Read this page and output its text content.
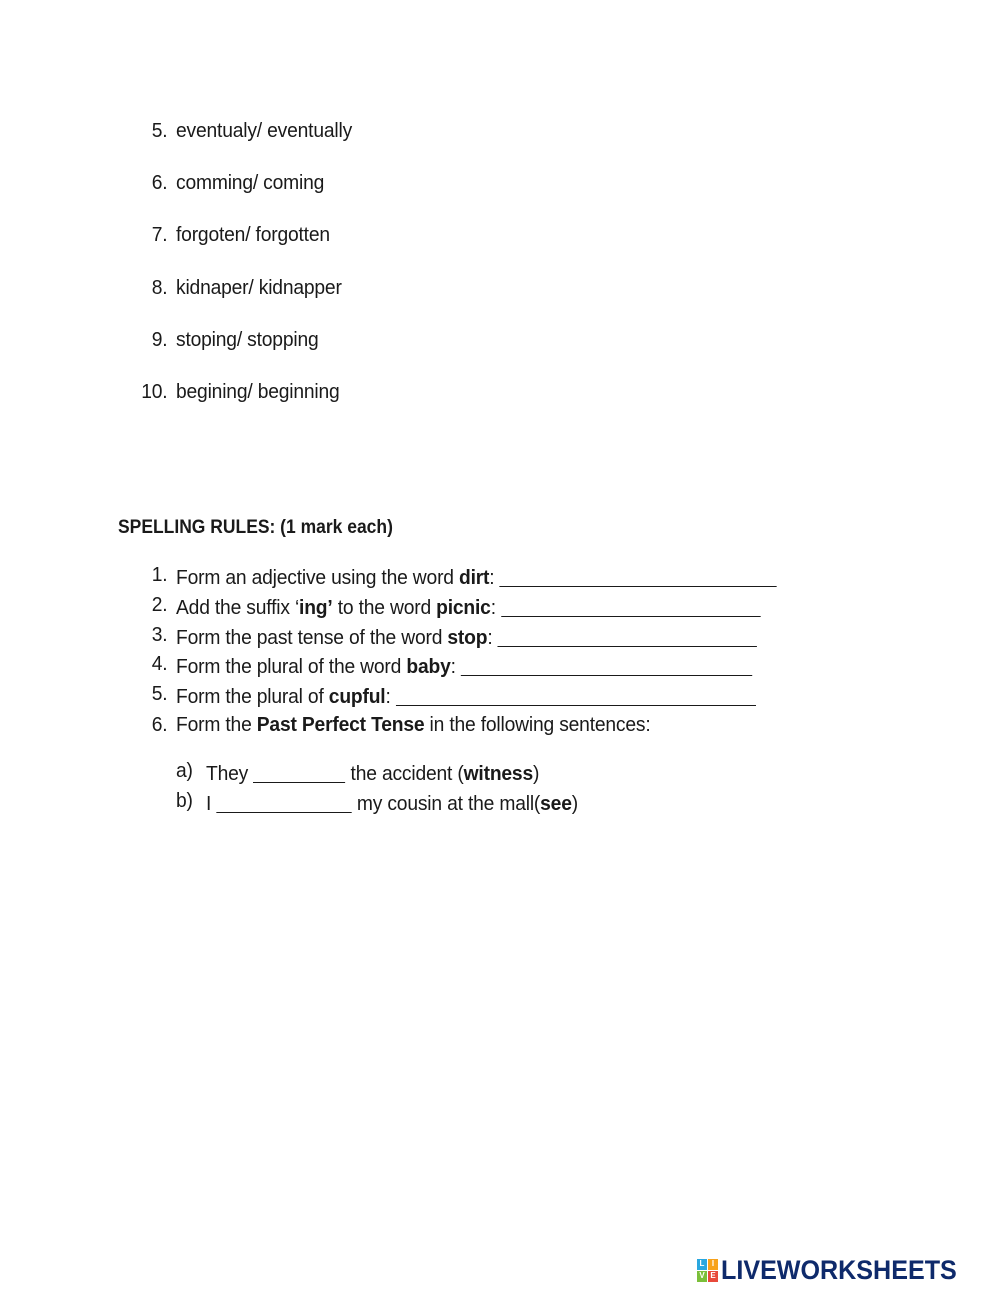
5. eventualy/ eventually
6. comming/ coming
7. forgoten/ forgotten
8. kidnaper/ kidnapper
9. stoping/ stopping
10. begining/ beginning
SPELLING RULES: (1 mark each)
1. Form an adjective using the word dirt:
2. Add the suffix ‘ing’ to the word picnic:
3. Form the past tense of the word stop:
4. Form the plural of the word baby:
5. Form the plural of cupful:
6. Form the Past Perfect Tense in the following sentences:
a) They	the accident (witness)
b) I	my cousin at the mall(see)
L I
V E LIVEWORKSHEETS
